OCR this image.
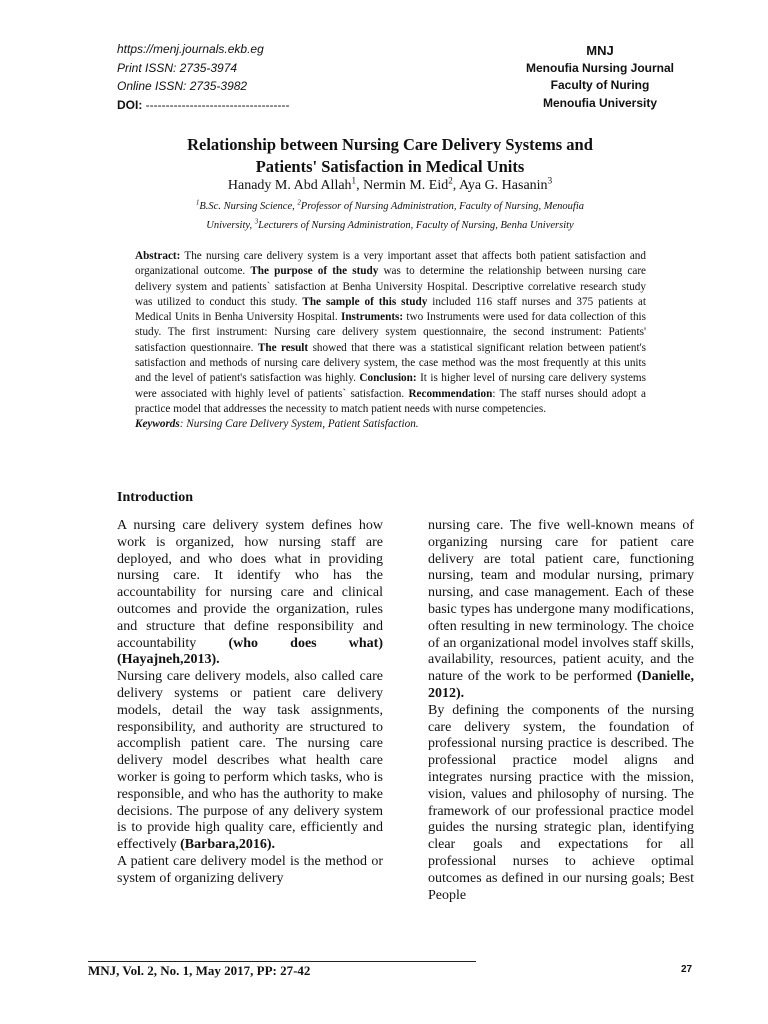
https://menj.journals.ekb.eg
Print ISSN: 2735-3974
Online ISSN: 2735-3982
DOI: ------------------------------------
MNJ
Menoufia Nursing Journal
Faculty of Nuring
Menoufia University
Relationship between Nursing Care Delivery Systems and
Patients' Satisfaction in Medical Units
Hanady M. Abd Allah$^1$, Nermin M. Eid$^2$, Aya G. Hasanin$^3$
$^1$B.Sc. Nursing Science, $^2$Professor of Nursing Administration, Faculty of Nursing, Menoufia
University, $^3$Lecturers of Nursing Administration, Faculty of Nursing, Benha University
Abstract: The nursing care delivery system is a very important asset that affects both patient satisfaction and organizational outcome. The purpose of the study was to determine the relationship between nursing care delivery system and patients` satisfaction at Benha University Hospital. Descriptive correlative research study was utilized to conduct this study. The sample of this study included 116 staff nurses and 375 patients at Medical Units in Benha University Hospital. Instruments: two Instruments were used for data collection of this study. The first instrument: Nursing care delivery system questionnaire, the second instrument: Patients' satisfaction questionnaire. The result showed that there was a statistical significant relation between patient's satisfaction and methods of nursing care delivery system, the case method was the most frequently at this units and the level of patient's satisfaction was highly. Conclusion: It is higher level of nursing care delivery systems were associated with highly level of patients` satisfaction. Recommendation: The staff nurses should adopt a practice model that addresses the necessity to match patient needs with nurse competencies.
Keywords: Nursing Care Delivery System, Patient Satisfaction.
Introduction

A nursing care delivery system defines how work is organized, how nursing staff are deployed, and who does what in providing nursing care. It identify who has the accountability for nursing care and clinical outcomes and provide the organization, rules and structure that define responsibility and accountability (who does what) (Hayajneh,2013).

Nursing care delivery models, also called care delivery systems or patient care delivery models, detail the way task assignments, responsibility, and authority are structured to accomplish patient care. The nursing care delivery model describes what health care worker is going to perform which tasks, who is responsible, and who has the authority to make decisions. The purpose of any delivery system is to provide high quality care, efficiently and effectively (Barbara,2016).

A patient care delivery model is the method or system of organizing delivery

nursing care. The five well-known means of organizing nursing care for patient care delivery are total patient care, functioning nursing, team and modular nursing, primary nursing, and case management. Each of these basic types has undergone many modifications, often resulting in new terminology. The choice of an organizational model involves staff skills, availability, resources, patient acuity, and the nature of the work to be performed (Danielle, 2012).

By defining the components of the nursing care delivery system, the foundation of professional nursing practice is described. The professional practice model aligns and integrates nursing practice with the mission, vision, values and philosophy of nursing. The framework of our professional practice model guides the nursing strategic plan, identifying clear goals and expectations for all professional nurses to achieve optimal outcomes as defined in our nursing goals; Best People

MNJ, Vol. 2, No. 1, May 2017, PP: 27-42	27
